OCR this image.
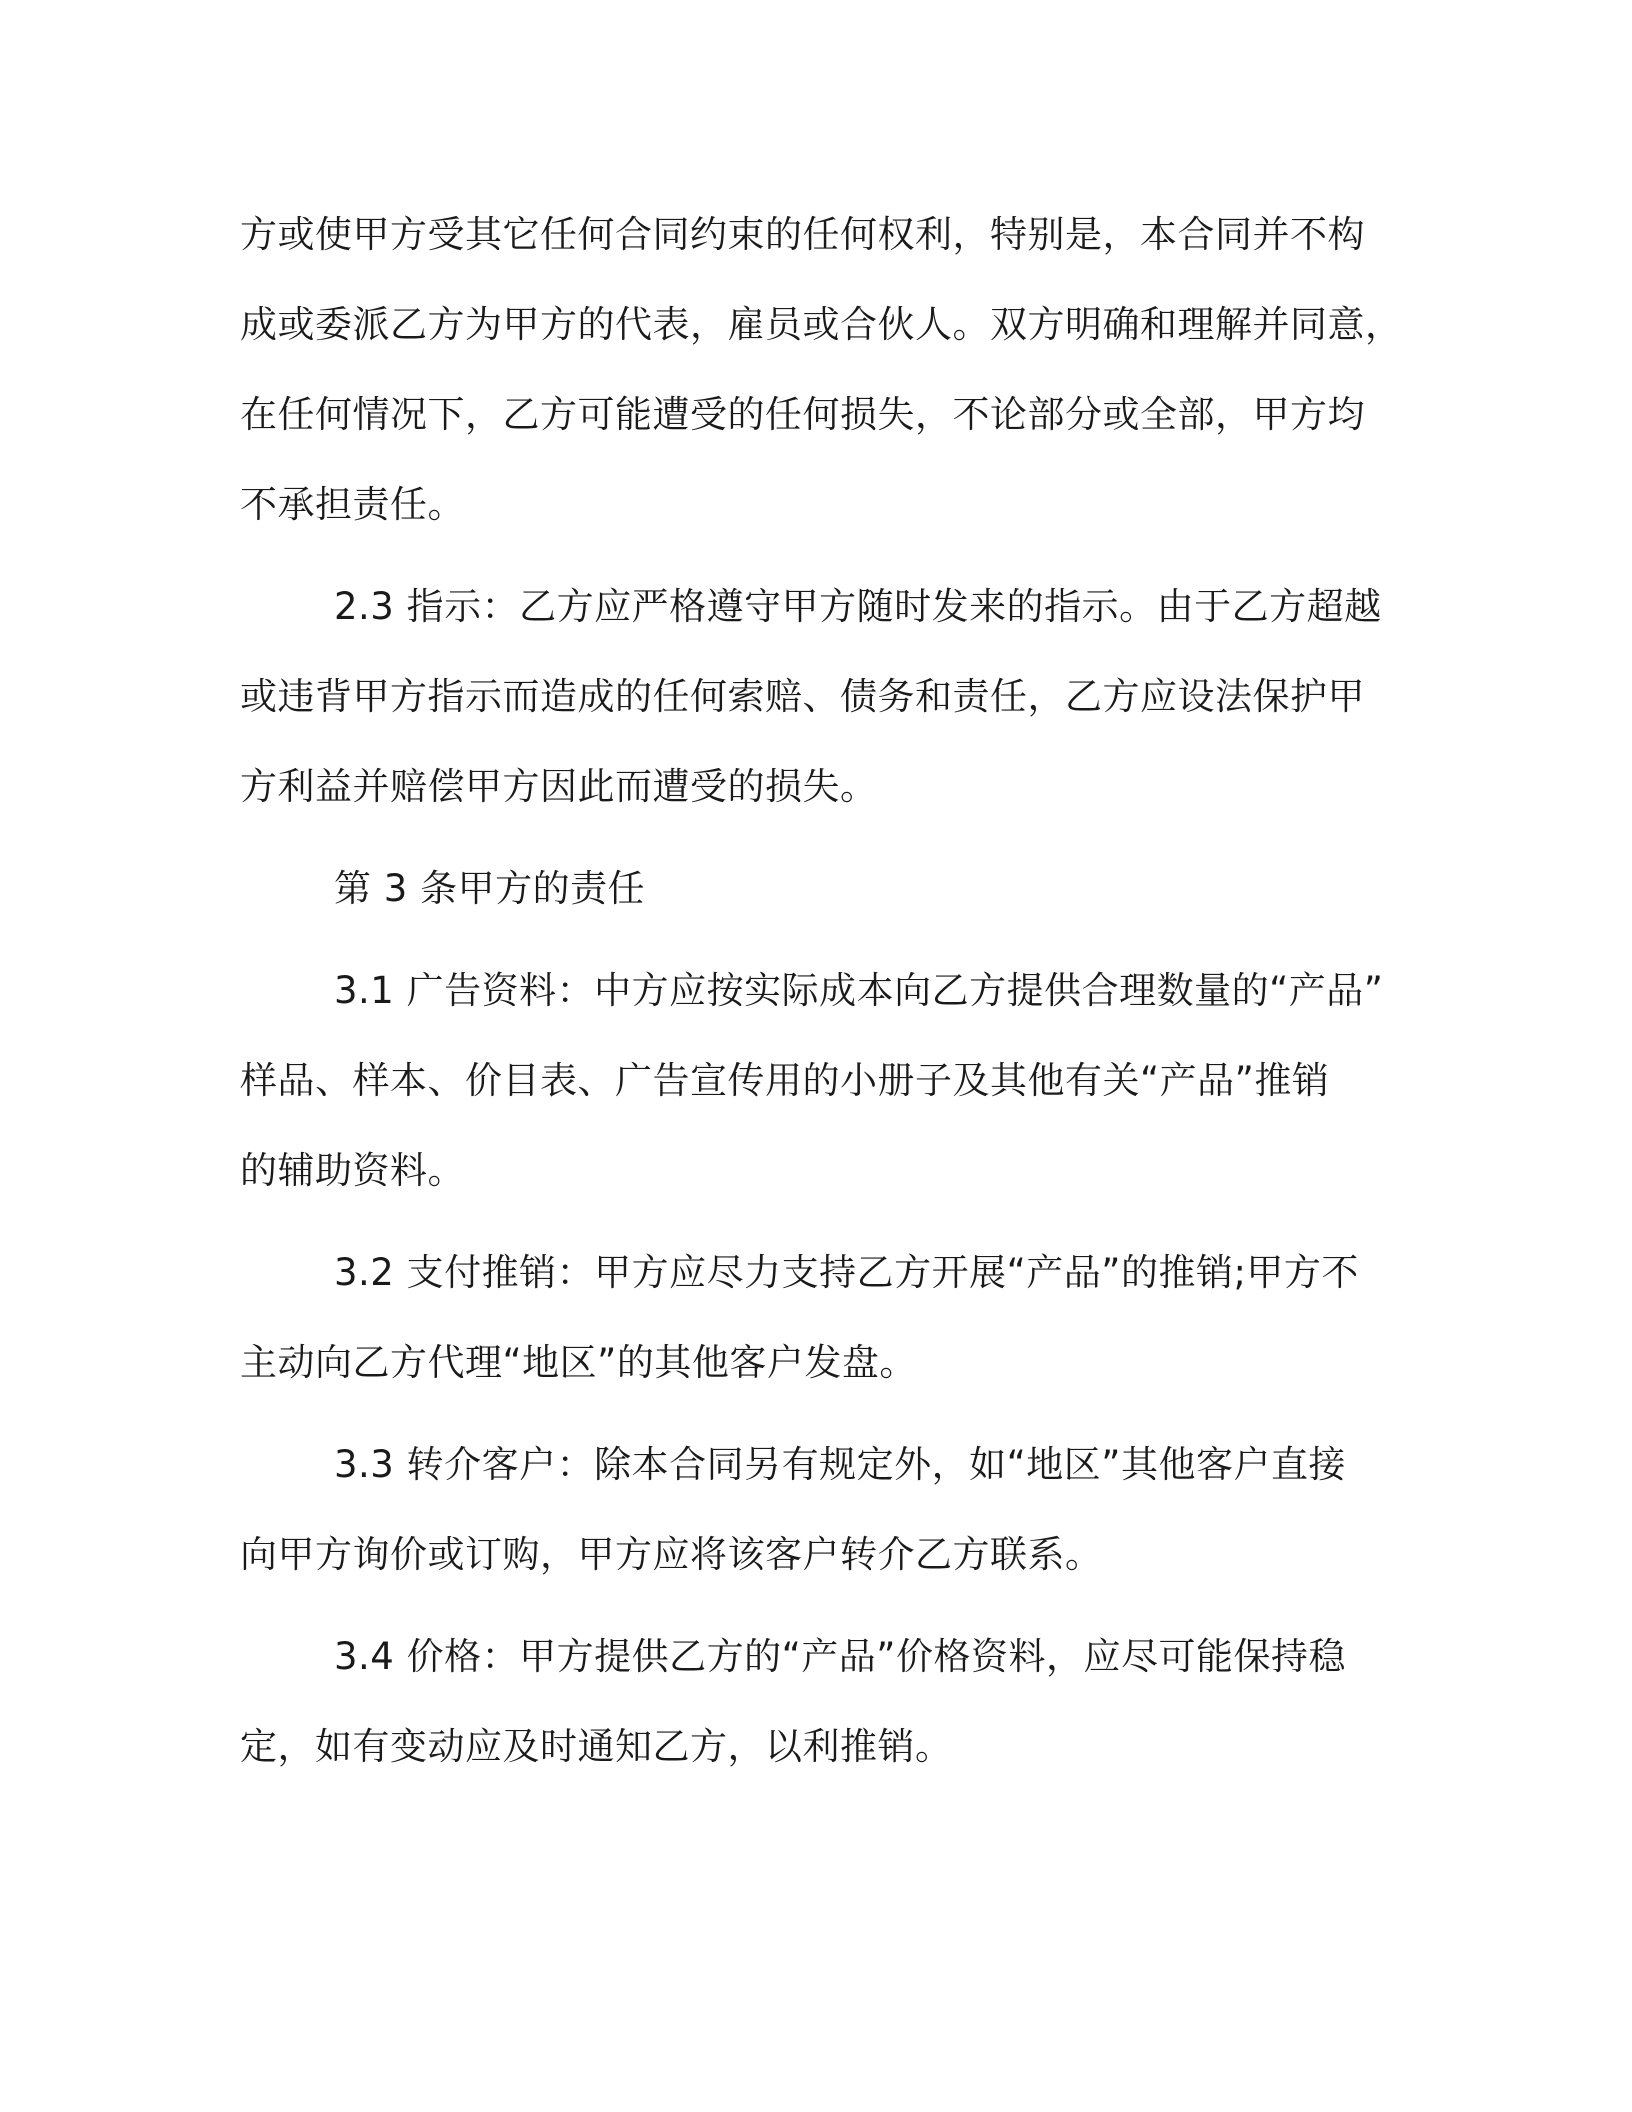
方或使甲方受其它任何合同约束的任何权利，特别是，本合同并不构
成或委派乙方为甲方的代表，雇员或合伙人。双方明确和理解并同意，
在任何情况下，乙方可能遭受的任何损失，不论部分或全部，甲方均
不承担责任。
2.3 指示：乙方应严格遵守甲方随时发来的指示。由于乙方超越
或违背甲方指示而造成的任何索赔、债务和责任，乙方应设法保护甲
方利益并赔偿甲方因此而遭受的损失。
第 3 条甲方的责任
3.1 广告资料：中方应按实际成本向乙方提供合理数量的“产品”
样品、样本、价目表、广告宣传用的小册子及其他有关“产品”推销
的辅助资料。
3.2 支付推销：甲方应尽力支持乙方开展“产品”的推销;甲方不
主动向乙方代理“地区”的其他客户发盘。
3.3 转介客户：除本合同另有规定外，如“地区”其他客户直接
向甲方询价或订购，甲方应将该客户转介乙方联系。
3.4 价格：甲方提供乙方的“产品”价格资料，应尽可能保持稳
定，如有变动应及时通知乙方，以利推销。
